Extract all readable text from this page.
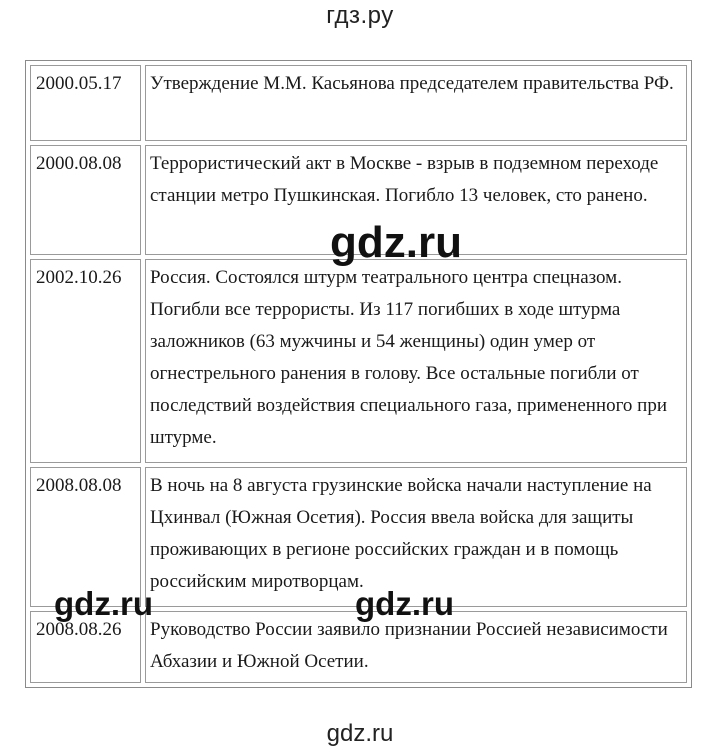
гдз.ру
2000.05.17	Утверждение М.М. Касьянова председателем правительства РФ.
2000.08.08	Террористический акт в Москве - взрыв в подземном переходе станции метро Пушкинская. Погибло 13 человек, сто ранено.
2002.10.26	Россия. Состоялся штурм театрального центра спецназом. Погибли все террористы. Из 117 погибших в ходе штурма заложников (63 мужчины и 54 женщины) один умер от огнестрельного ранения в голову. Все остальные погибли от последствий воздействия специального газа, примененного при штурме.
2008.08.08	В ночь на 8 августа грузинские войска начали наступление на Цхинвал (Южная Осетия). Россия ввела войска для защиты проживающих в регионе российских граждан и в помощь российским миротворцам.
2008.08.26	Руководство России заявило признании Россией независимости Абхазии и Южной Осетии.
gdz.ru
gdz.ru	gdz.ru
gdz.ru
